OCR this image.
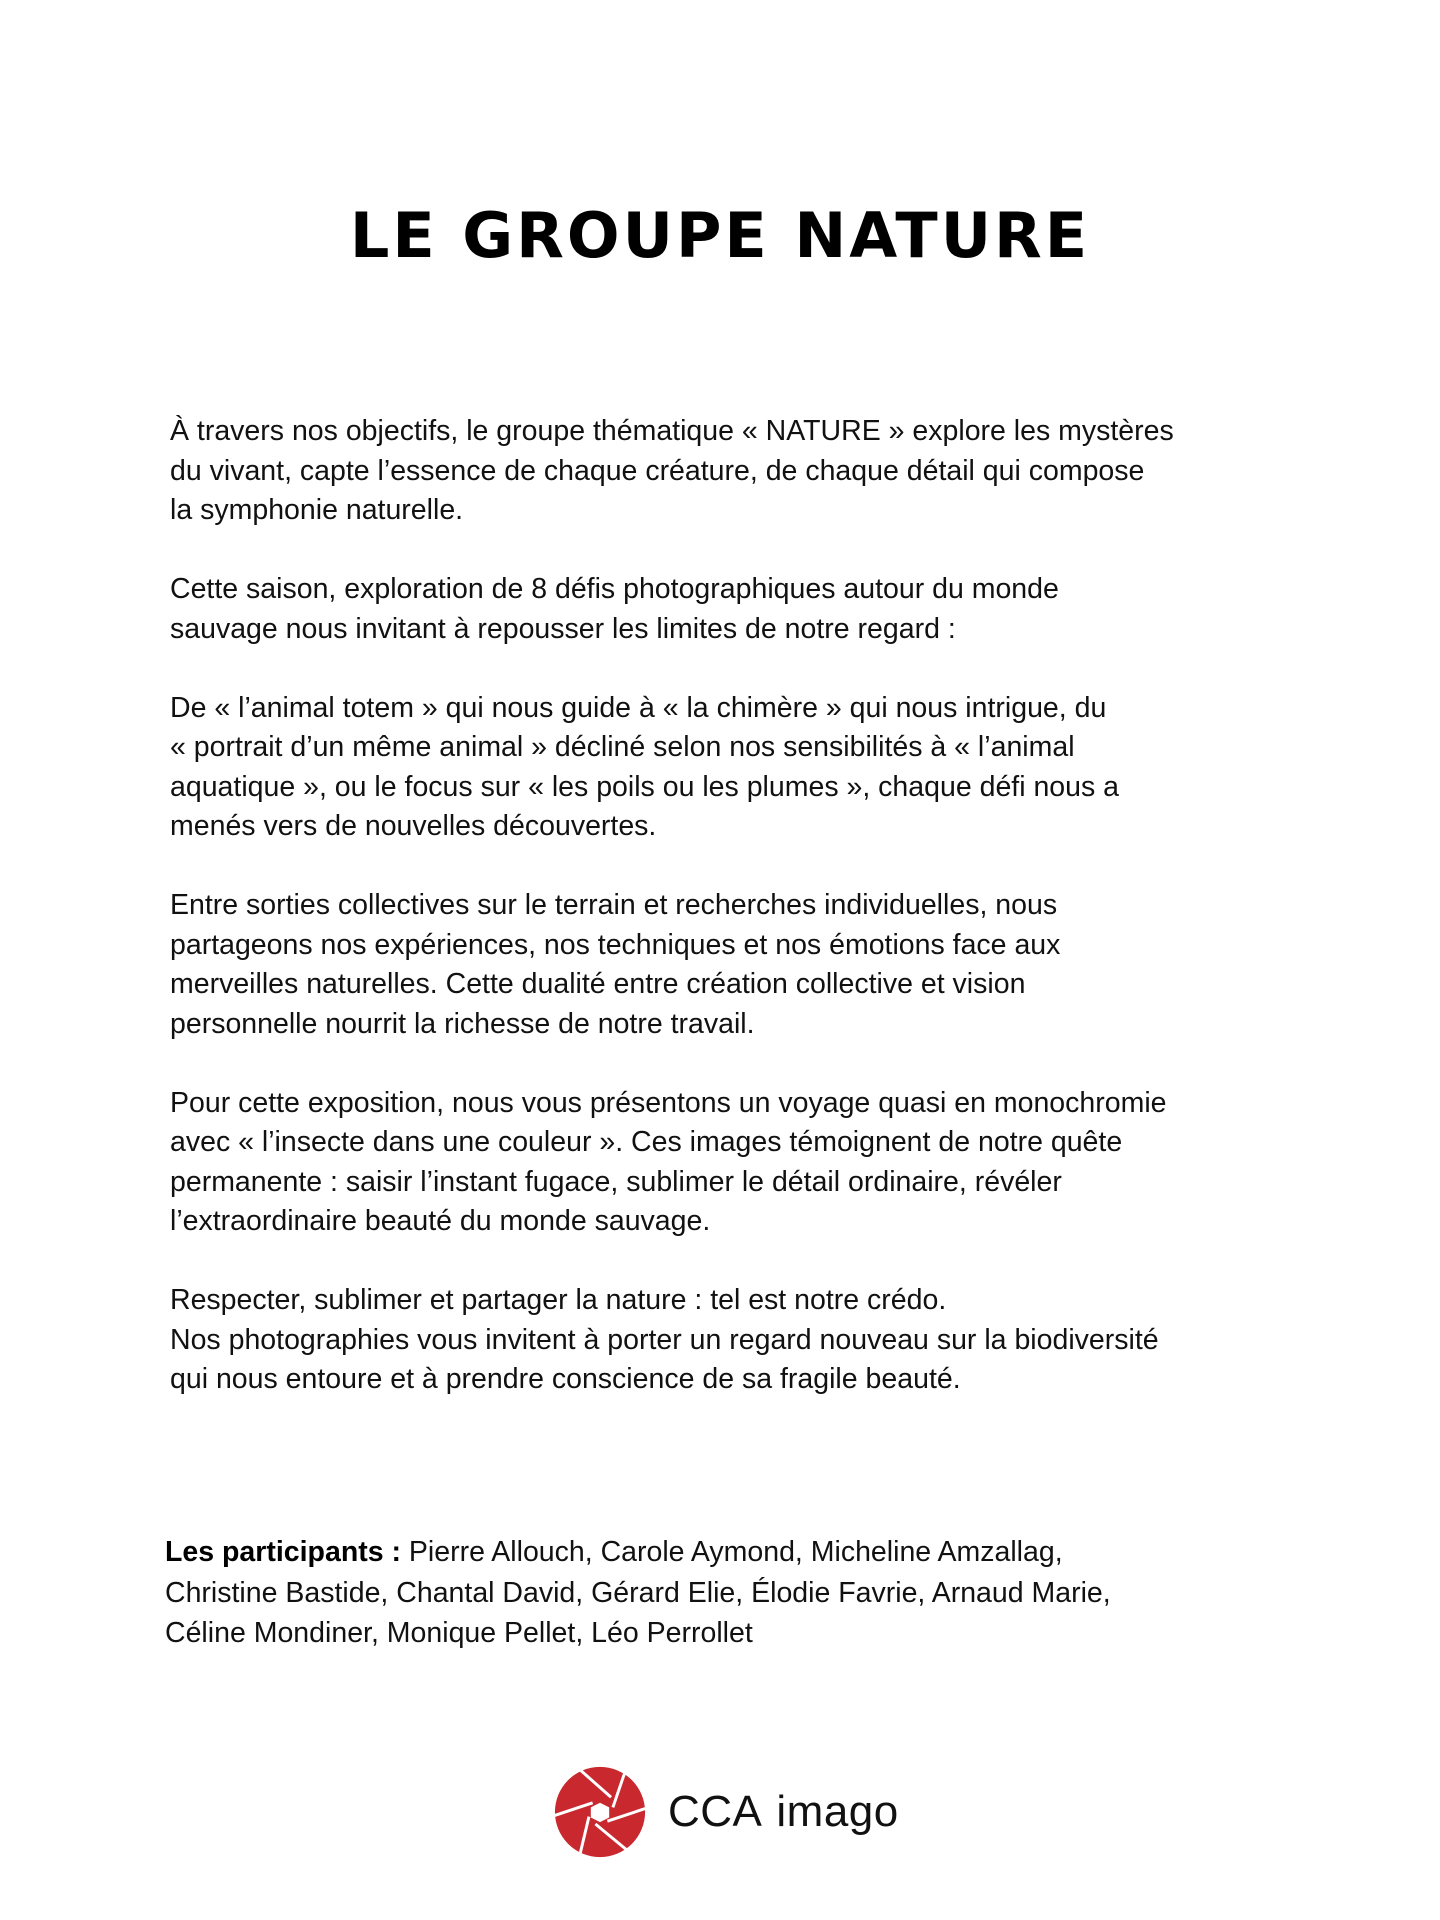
LE GROUPE NATURE

À travers nos objectifs, le groupe thématique « NATURE » explore les mystères
du vivant, capte l’essence de chaque créature, de chaque détail qui compose
la symphonie naturelle.

Cette saison, exploration de 8 défis photographiques autour du monde
sauvage nous invitant à repousser les limites de notre regard :

De « l’animal totem » qui nous guide à « la chimère » qui nous intrigue, du
« portrait d’un même animal » décliné selon nos sensibilités à « l’animal
aquatique », ou le focus sur « les poils ou les plumes », chaque défi nous a
menés vers de nouvelles découvertes.

Entre sorties collectives sur le terrain et recherches individuelles, nous
partageons nos expériences, nos techniques et nos émotions face aux
merveilles naturelles. Cette dualité entre création collective et vision
personnelle nourrit la richesse de notre travail.

Pour cette exposition, nous vous présentons un voyage quasi en monochromie
avec « l’insecte dans une couleur ». Ces images témoignent de notre quête
permanente : saisir l’instant fugace, sublimer le détail ordinaire, révéler
l’extraordinaire beauté du monde sauvage.

Respecter, sublimer et partager la nature : tel est notre crédo.
Nos photographies vous invitent à porter un regard nouveau sur la biodiversité
qui nous entoure et à prendre conscience de sa fragile beauté.

Les participants : Pierre Allouch, Carole Aymond, Micheline Amzallag,
Christine Bastide, Chantal David, Gérard Elie, Élodie Favrie, Arnaud Marie,
Céline Mondiner, Monique Pellet, Léo Perrollet
CCA imago
